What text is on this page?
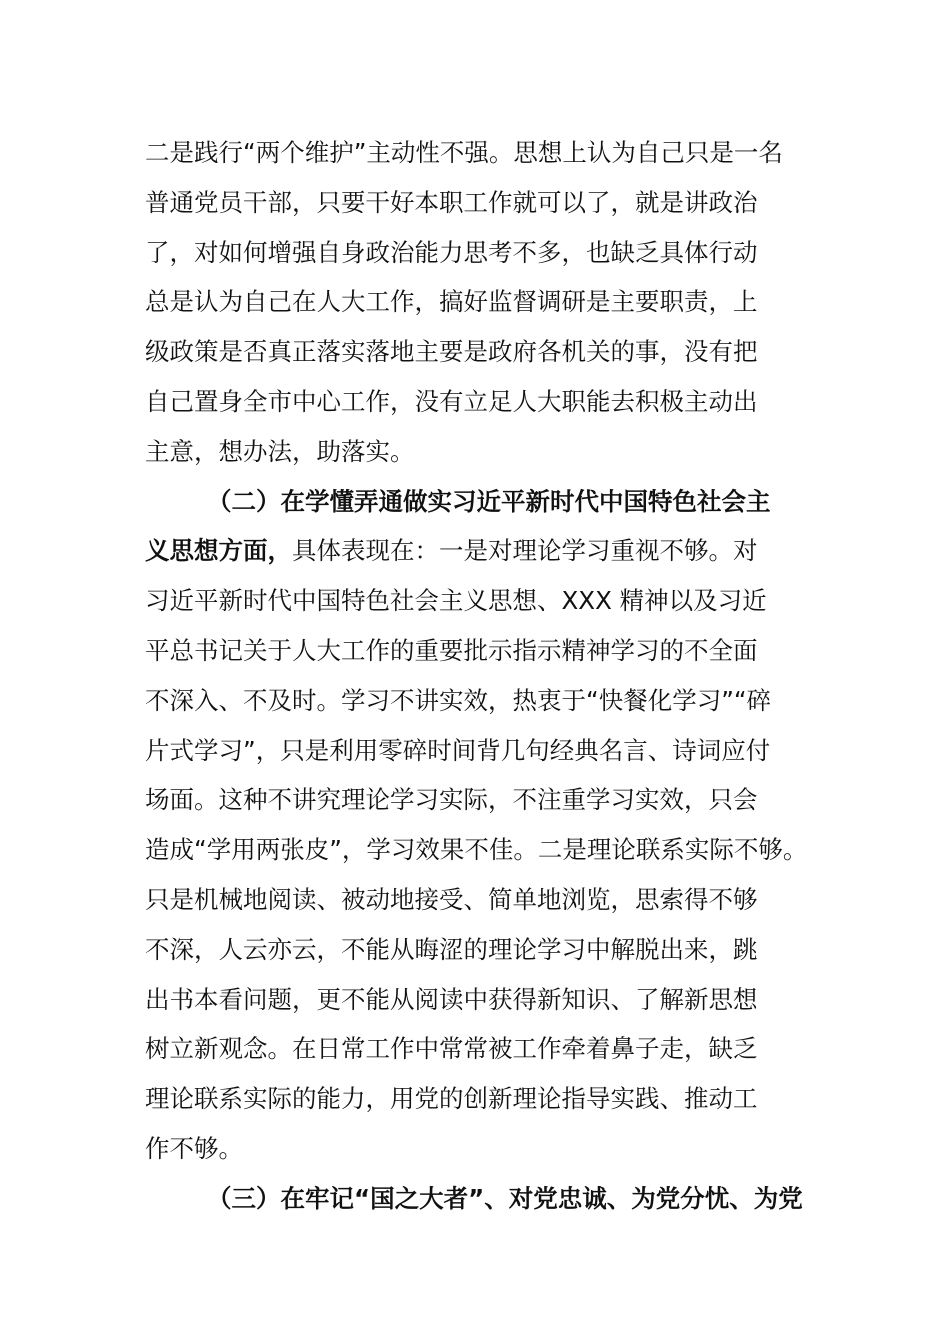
二是践行“两个维护”主动性不强。思想上认为自己只是一名
普通党员干部，只要干好本职工作就可以了，就是讲政治
了，对如何增强自身政治能力思考不多，也缺乏具体行动
总是认为自己在人大工作，搞好监督调研是主要职责，上
级政策是否真正落实落地主要是政府各机关的事，没有把
自己置身全市中心工作，没有立足人大职能去积极主动出
主意，想办法，助落实。
（二）在学懂弄通做实习近平新时代中国特色社会主
义思想方面，具体表现在：一是对理论学习重视不够。对
习近平新时代中国特色社会主义思想、XXX 精神以及习近
平总书记关于人大工作的重要批示指示精神学习的不全面
不深入、不及时。学习不讲实效，热衷于“快餐化学习”“碎
片式学习”，只是利用零碎时间背几句经典名言、诗词应付
场面。这种不讲究理论学习实际，不注重学习实效，只会
造成“学用两张皮”，学习效果不佳。二是理论联系实际不够。
只是机械地阅读、被动地接受、简单地浏览，思索得不够
不深，人云亦云，不能从晦涩的理论学习中解脱出来，跳
出书本看问题，更不能从阅读中获得新知识、了解新思想
树立新观念。在日常工作中常常被工作牵着鼻子走，缺乏
理论联系实际的能力，用党的创新理论指导实践、推动工
作不够。
（三）在牢记“国之大者”、对党忠诚、为党分忧、为党
